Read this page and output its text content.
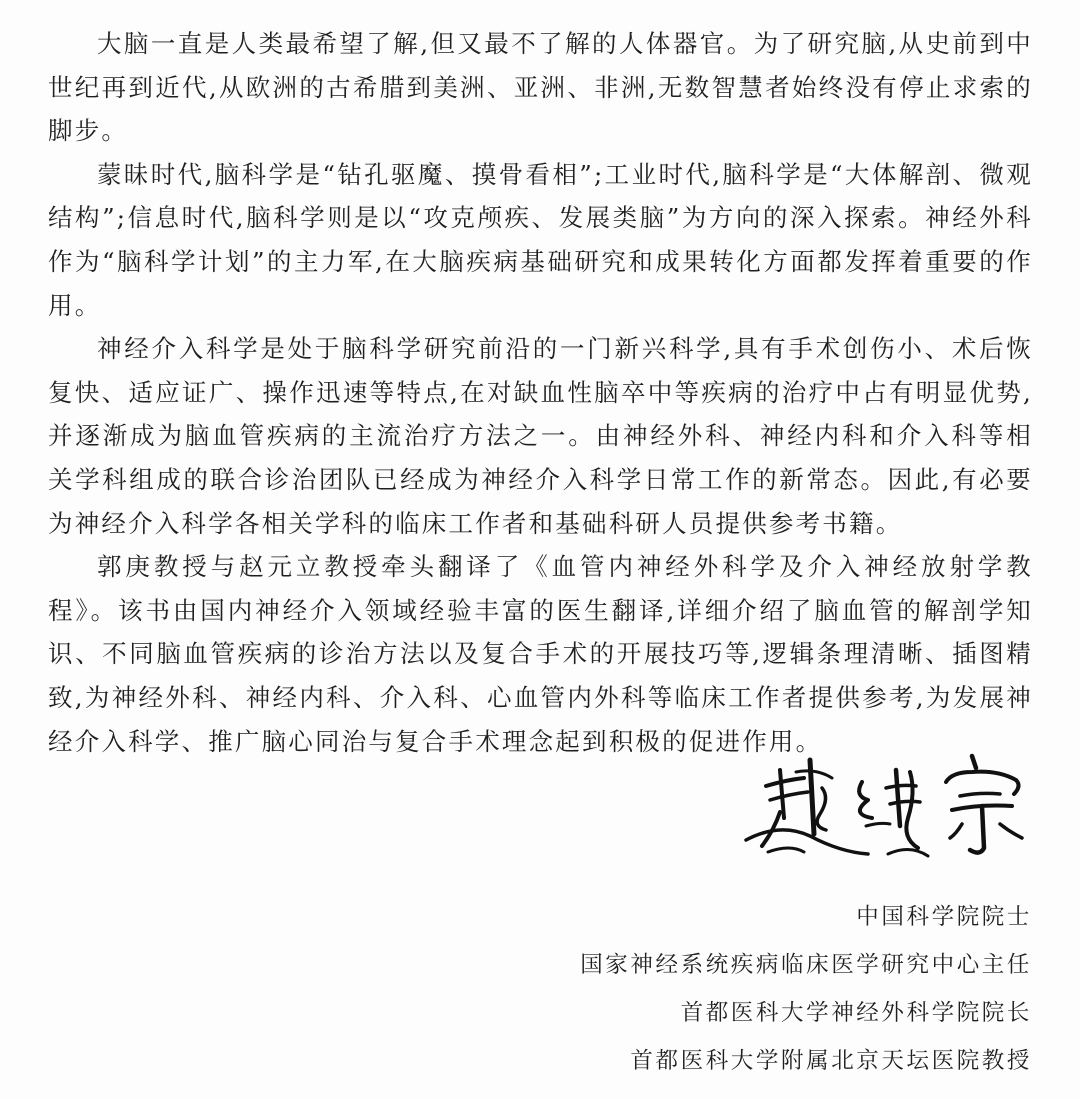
大脑一直是人类最希望了解,但又最不了解的人体器官。为了研究脑,从史前到中世纪再到近代,从欧洲的古希腊到美洲、亚洲、非洲,无数智慧者始终没有停止求索的脚步。

蒙昧时代,脑科学是“钻孔驱魔、摸骨看相”;工业时代,脑科学是“大体解剖、微观结构”;信息时代,脑科学则是以“攻克颅疾、发展类脑”为方向的深入探索。神经外科作为“脑科学计划”的主力军,在大脑疾病基础研究和成果转化方面都发挥着重要的作用。

神经介入科学是处于脑科学研究前沿的一门新兴科学,具有手术创伤小、术后恢复快、适应证广、操作迅速等特点,在对缺血性脑卒中等疾病的治疗中占有明显优势,并逐渐成为脑血管疾病的主流治疗方法之一。由神经外科、神经内科和介入科等相关学科组成的联合诊治团队已经成为神经介入科学日常工作的新常态。因此,有必要为神经介入科学各相关学科的临床工作者和基础科研人员提供参考书籍。

郭庚教授与赵元立教授牵头翻译了《血管内神经外科学及介入神经放射学教程》。该书由国内神经介入领域经验丰富的医生翻译,详细介绍了脑血管的解剖学知识、不同脑血管疾病的诊治方法以及复合手术的开展技巧等,逻辑条理清晰、插图精致,为神经外科、神经内科、介入科、心血管内外科等临床工作者提供参考,为发展神经介入科学、推广脑心同治与复合手术理念起到积极的促进作用。

中国科学院院士
国家神经系统疾病临床医学研究中心主任
首都医科大学神经外科学院院长
首都医科大学附属北京天坛医院教授
